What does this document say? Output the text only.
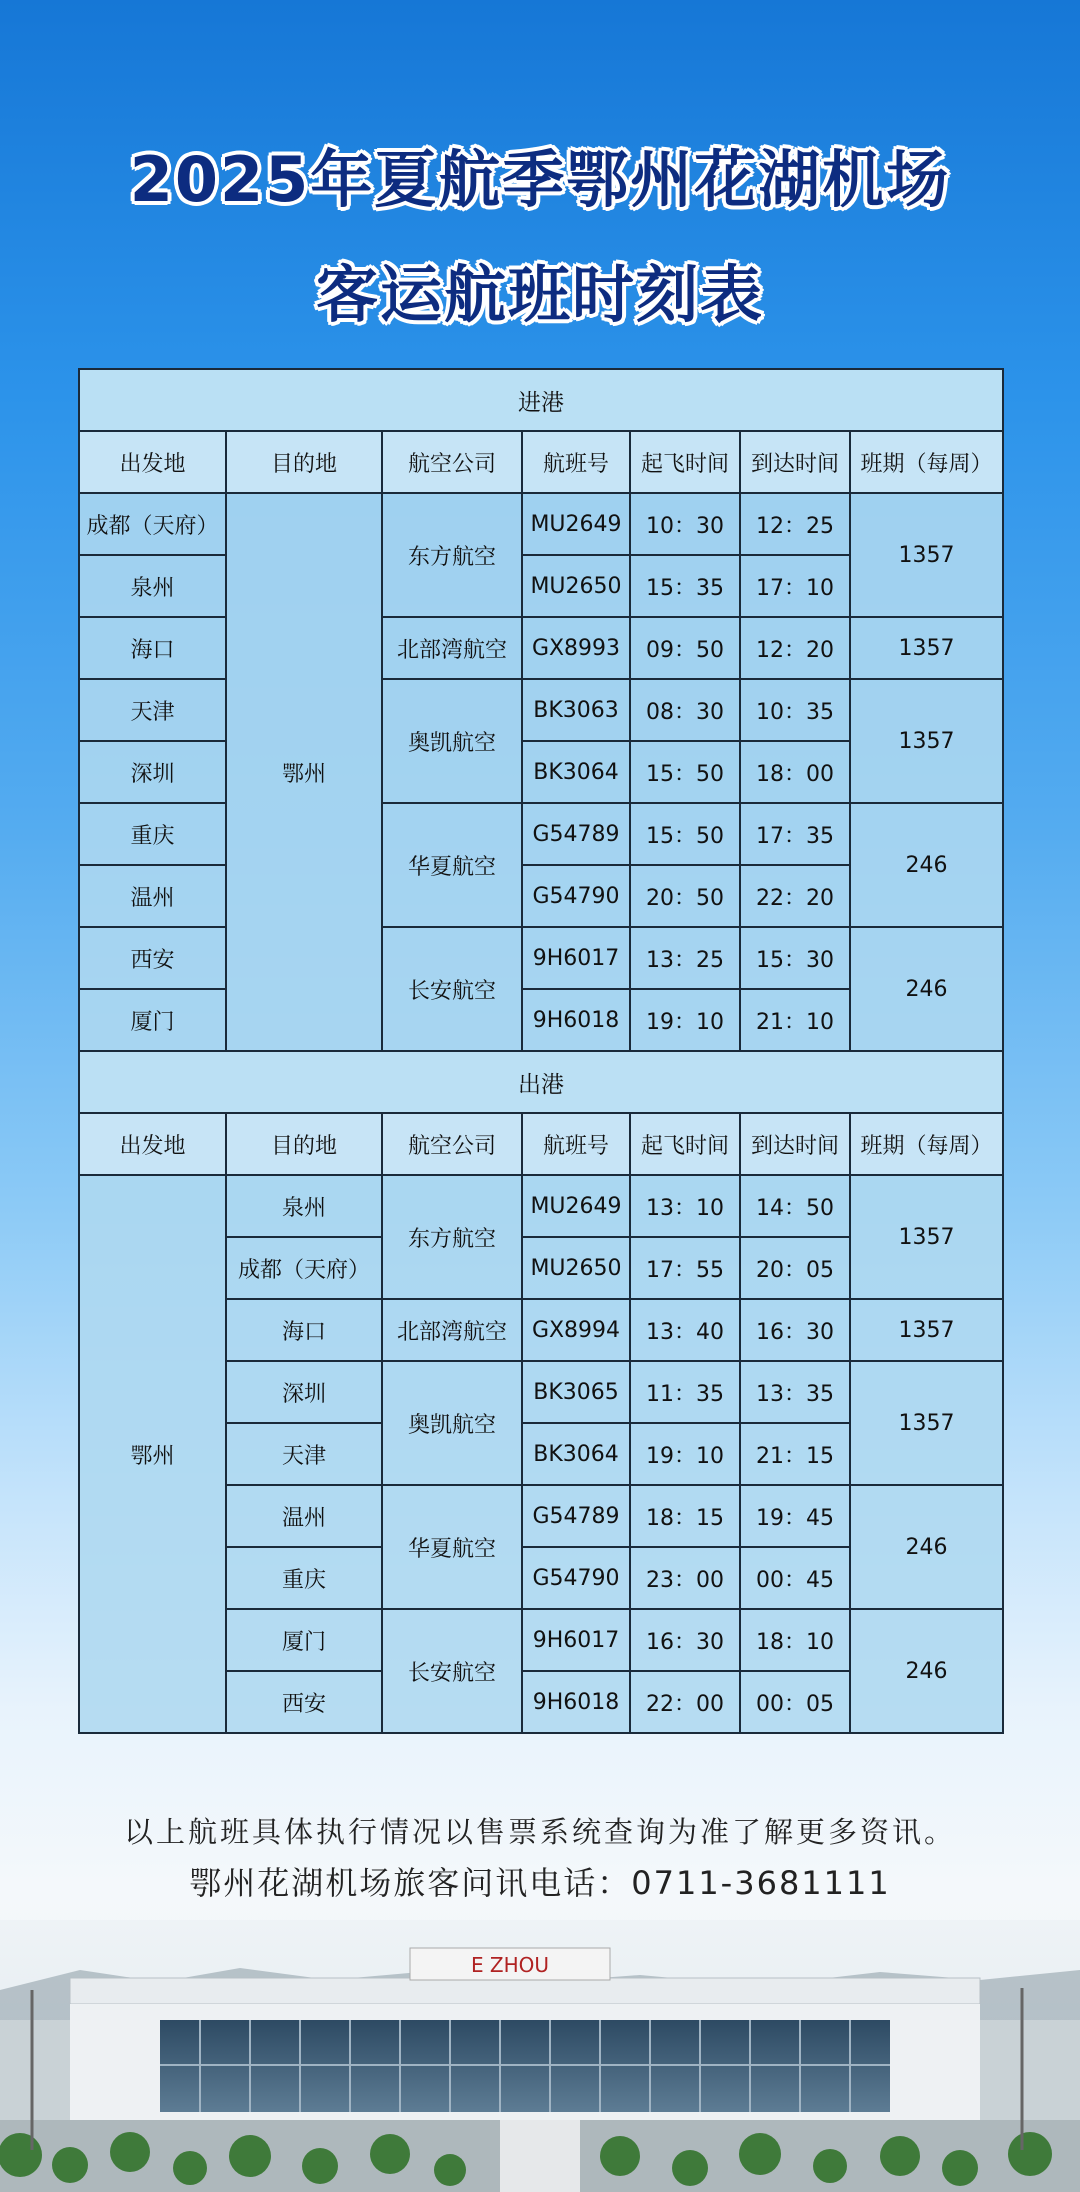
2025年夏航季鄂州花湖机场
客运航班时刻表
进港						
出发地	目的地	航空公司	航班号	起飞时间	到达时间	班期（每周）
成都（天府）	鄂州	东方航空	MU2649	10：30	12：25	1357
泉州			MU2650	15：35	17：10	
海口		北部湾航空	GX8993	09：50	12：20	1357
天津		奥凯航空	BK3063	08：30	10：35	1357
深圳			BK3064	15：50	18：00	
重庆		华夏航空	G54789	15：50	17：35	246
温州			G54790	20：50	22：20	
西安		长安航空	9H6017	13：25	15：30	246
厦门			9H6018	19：10	21：10	
出港						
出发地	目的地	航空公司	航班号	起飞时间	到达时间	班期（每周）
鄂州	泉州	东方航空	MU2649	13：10	14：50	1357
	成都（天府）		MU2650	17：55	20：05	
	海口	北部湾航空	GX8994	13：40	16：30	1357
	深圳	奥凯航空	BK3065	11：35	13：35	1357
	天津		BK3064	19：10	21：15	
	温州	华夏航空	G54789	18：15	19：45	246
	重庆		G54790	23：00	00：45	
	厦门	长安航空	9H6017	16：30	18：10	246
	西安		9H6018	22：00	00：05	
以上航班具体执行情况以售票系统查询为准了解更多资讯。
鄂州花湖机场旅客问讯电话：0711-3681111
E ZHOU
